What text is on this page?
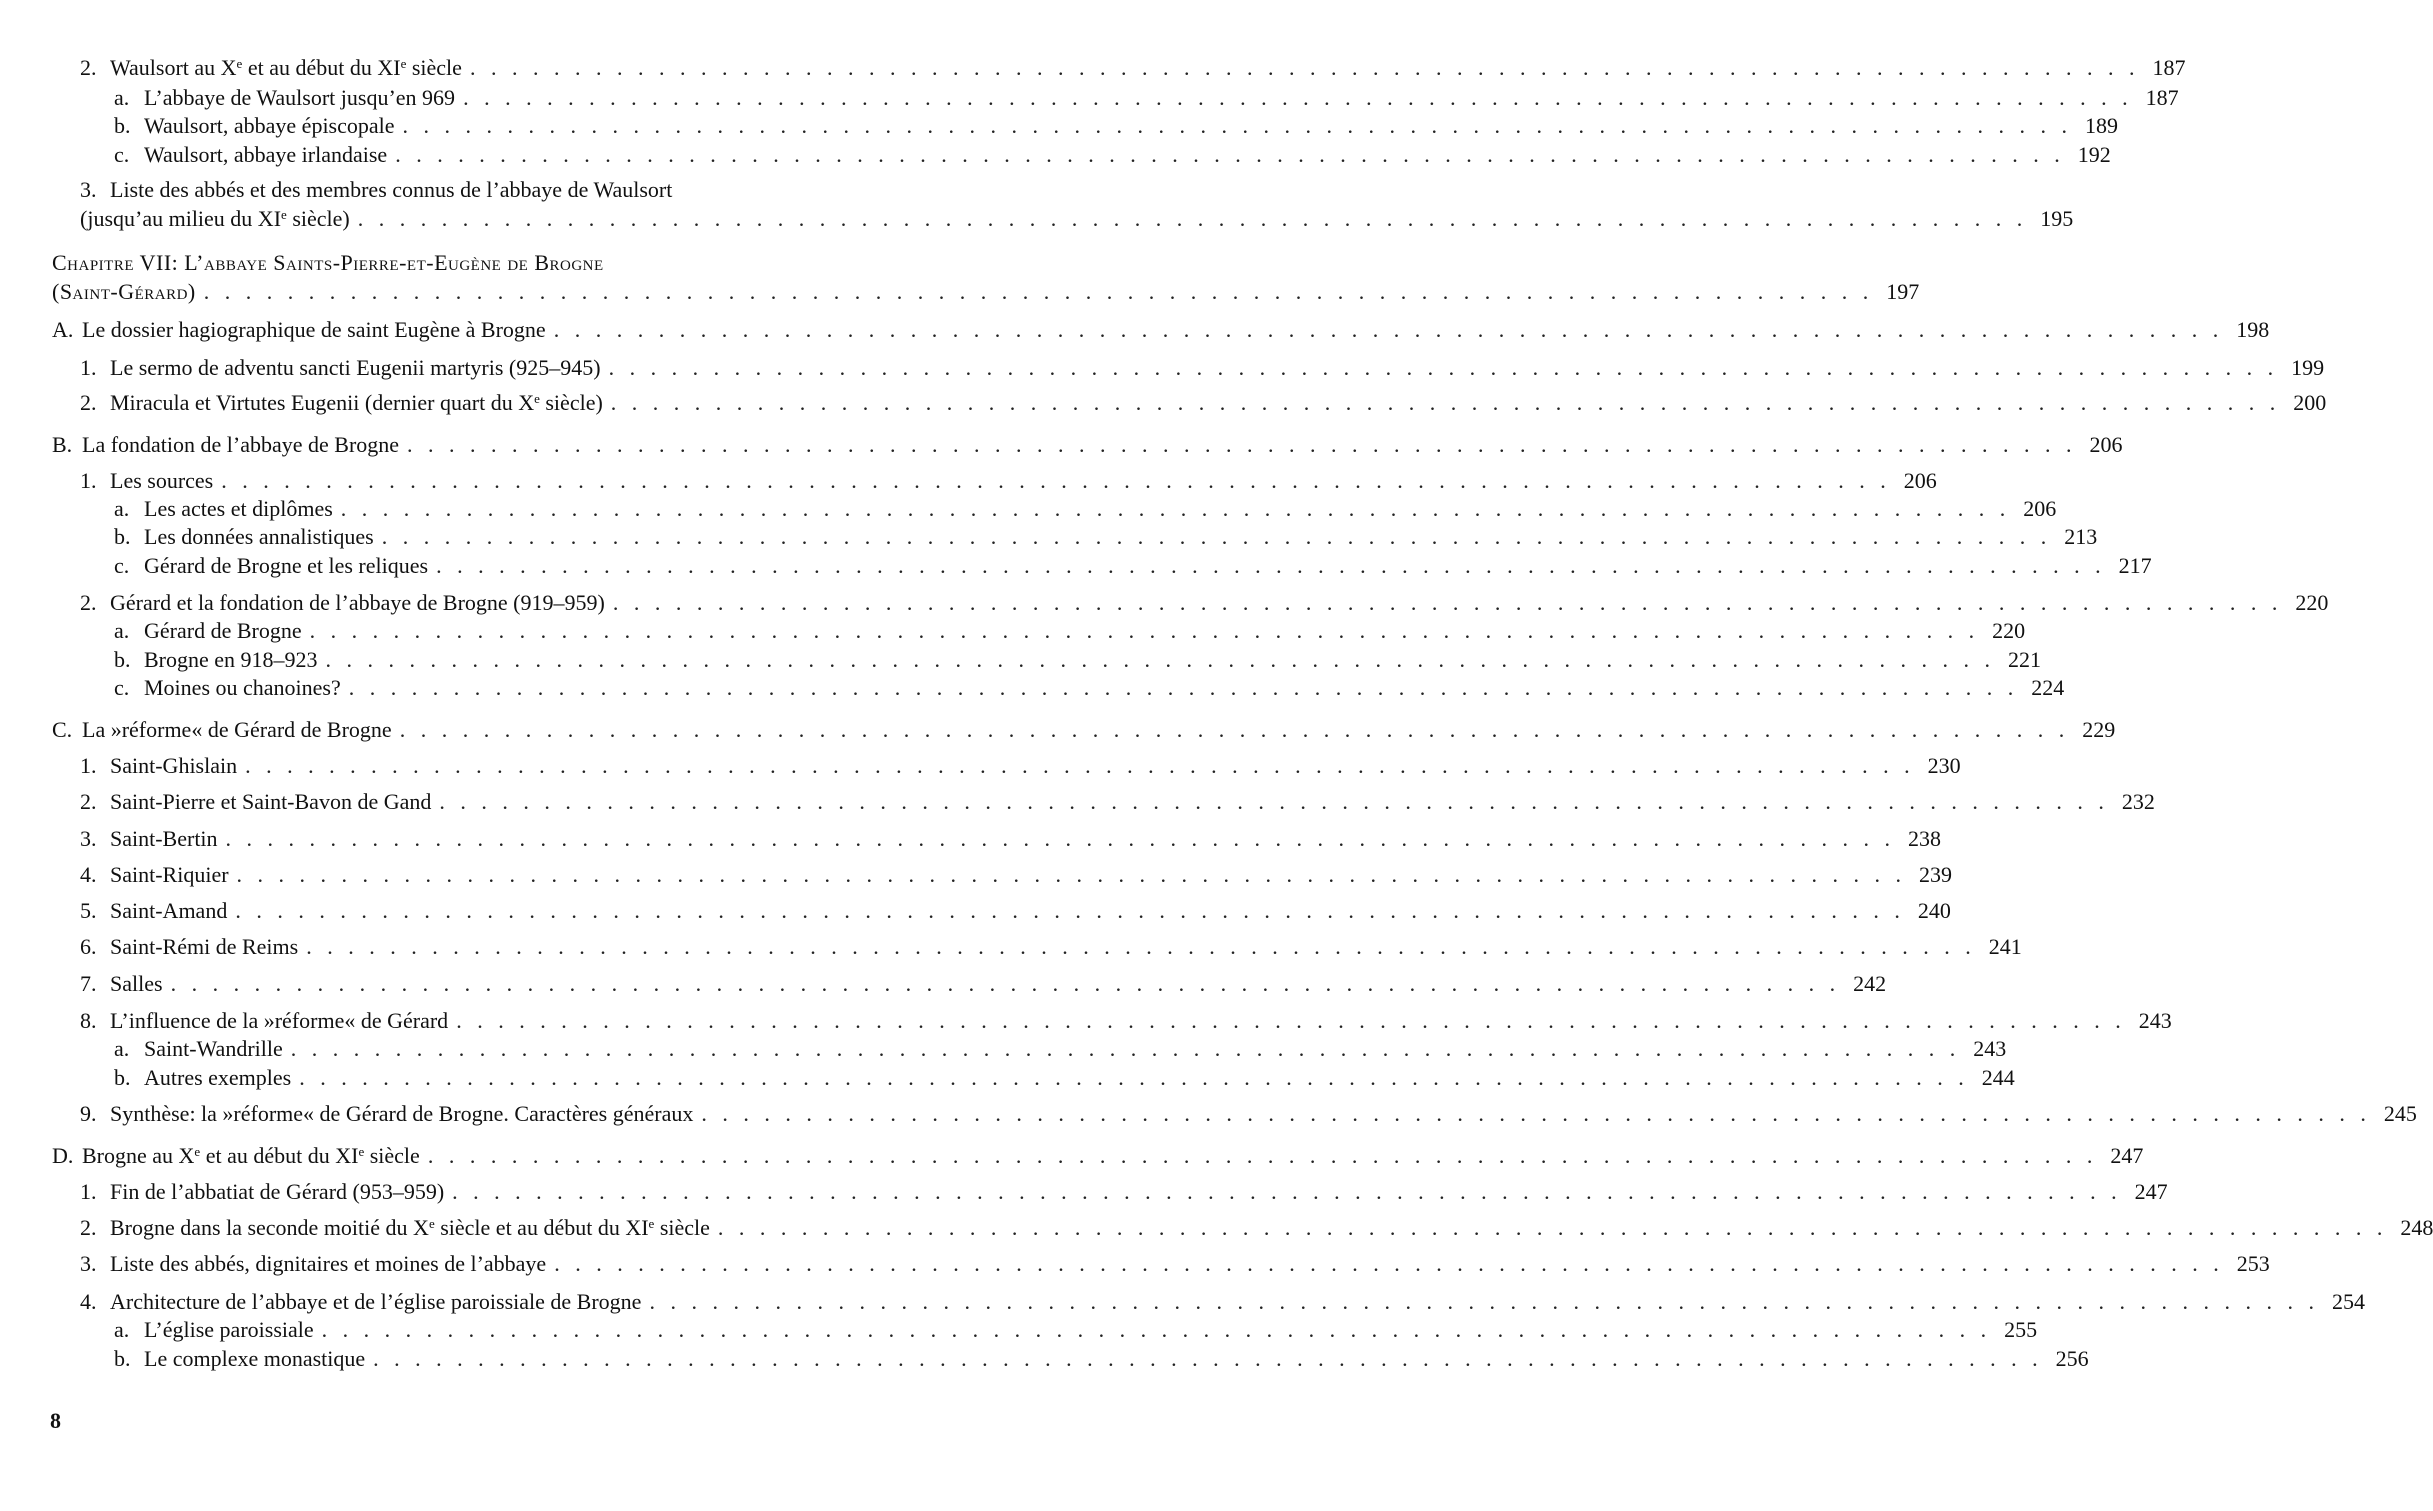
2. Waulsort au Xe et au début du XIe siècle . . . . . . . . . . . . . . . . . . . . . . . . . . . . . . . . . . . . . . . . . . . . . . . . . . . . . . . . . . . . . . . . . . . . . . . . . . . . . . . . 187
a. L’abbaye de Waulsort jusqu’en 969 . . . . . . . . . . . . . . . . . . . . . . . . . . . . . . . . . . . . . . . . . . . . . . . . . . . . . . . . . . . . . . . . . . . . . . . . . . . . . . . . 187
b. Waulsort, abbaye épiscopale . . . . . . . . . . . . . . . . . . . . . . . . . . . . . . . . . . . . . . . . . . . . . . . . . . . . . . . . . . . . . . . . . . . . . . . . . . . . . . . . 189
c. Waulsort, abbaye irlandaise . . . . . . . . . . . . . . . . . . . . . . . . . . . . . . . . . . . . . . . . . . . . . . . . . . . . . . . . . . . . . . . . . . . . . . . . . . . . . . . . 192
3. Liste des abbés et des membres connus de l’abbaye de Waulsort
(jusqu’au milieu du XIe siècle) . . . . . . . . . . . . . . . . . . . . . . . . . . . . . . . . . . . . . . . . . . . . . . . . . . . . . . . . . . . . . . . . . . . . . . . . . . . . . . . . 195
Chapitre VII: L’abbaye Saints-Pierre-et-Eugène de Brogne
(Saint-Gérard) . . . . . . . . . . . . . . . . . . . . . . . . . . . . . . . . . . . . . . . . . . . . . . . . . . . . . . . . . . . . . . . . . . . . . . . . . . . . . . . . 197
A. Le dossier hagiographique de saint Eugène à Brogne . . . . . . . . . . . . . . . . . . . . . . . . . . . . . . . . . . . . . . . . . . . . . . . . . . . . . . . . . . . . . . . . . . . . . . . . . . . . . . . . 198
1. Le sermo de adventu sancti Eugenii martyris (925–945) . . . . . . . . . . . . . . . . . . . . . . . . . . . . . . . . . . . . . . . . . . . . . . . . . . . . . . . . . . . . . . . . . . . . . . . . . . . . . . . . 199
2. Miracula et Virtutes Eugenii (dernier quart du Xe siècle) . . . . . . . . . . . . . . . . . . . . . . . . . . . . . . . . . . . . . . . . . . . . . . . . . . . . . . . . . . . . . . . . . . . . . . . . . . . . . . . . 200
B. La fondation de l’abbaye de Brogne . . . . . . . . . . . . . . . . . . . . . . . . . . . . . . . . . . . . . . . . . . . . . . . . . . . . . . . . . . . . . . . . . . . . . . . . . . . . . . . . 206
1. Les sources . . . . . . . . . . . . . . . . . . . . . . . . . . . . . . . . . . . . . . . . . . . . . . . . . . . . . . . . . . . . . . . . . . . . . . . . . . . . . . . . 206
a. Les actes et diplômes . . . . . . . . . . . . . . . . . . . . . . . . . . . . . . . . . . . . . . . . . . . . . . . . . . . . . . . . . . . . . . . . . . . . . . . . . . . . . . . . 206
b. Les données annalistiques . . . . . . . . . . . . . . . . . . . . . . . . . . . . . . . . . . . . . . . . . . . . . . . . . . . . . . . . . . . . . . . . . . . . . . . . . . . . . . . . 213
c. Gérard de Brogne et les reliques . . . . . . . . . . . . . . . . . . . . . . . . . . . . . . . . . . . . . . . . . . . . . . . . . . . . . . . . . . . . . . . . . . . . . . . . . . . . . . . . 217
2. Gérard et la fondation de l’abbaye de Brogne (919–959) . . . . . . . . . . . . . . . . . . . . . . . . . . . . . . . . . . . . . . . . . . . . . . . . . . . . . . . . . . . . . . . . . . . . . . . . . . . . . . . . 220
a. Gérard de Brogne . . . . . . . . . . . . . . . . . . . . . . . . . . . . . . . . . . . . . . . . . . . . . . . . . . . . . . . . . . . . . . . . . . . . . . . . . . . . . . . . 220
b. Brogne en 918–923 . . . . . . . . . . . . . . . . . . . . . . . . . . . . . . . . . . . . . . . . . . . . . . . . . . . . . . . . . . . . . . . . . . . . . . . . . . . . . . . . 221
c. Moines ou chanoines? . . . . . . . . . . . . . . . . . . . . . . . . . . . . . . . . . . . . . . . . . . . . . . . . . . . . . . . . . . . . . . . . . . . . . . . . . . . . . . . . 224
C. La »réforme« de Gérard de Brogne . . . . . . . . . . . . . . . . . . . . . . . . . . . . . . . . . . . . . . . . . . . . . . . . . . . . . . . . . . . . . . . . . . . . . . . . . . . . . . . . 229
1. Saint-Ghislain . . . . . . . . . . . . . . . . . . . . . . . . . . . . . . . . . . . . . . . . . . . . . . . . . . . . . . . . . . . . . . . . . . . . . . . . . . . . . . . . 230
2. Saint-Pierre et Saint-Bavon de Gand . . . . . . . . . . . . . . . . . . . . . . . . . . . . . . . . . . . . . . . . . . . . . . . . . . . . . . . . . . . . . . . . . . . . . . . . . . . . . . . . 232
3. Saint-Bertin . . . . . . . . . . . . . . . . . . . . . . . . . . . . . . . . . . . . . . . . . . . . . . . . . . . . . . . . . . . . . . . . . . . . . . . . . . . . . . . . 238
4. Saint-Riquier . . . . . . . . . . . . . . . . . . . . . . . . . . . . . . . . . . . . . . . . . . . . . . . . . . . . . . . . . . . . . . . . . . . . . . . . . . . . . . . . 239
5. Saint-Amand . . . . . . . . . . . . . . . . . . . . . . . . . . . . . . . . . . . . . . . . . . . . . . . . . . . . . . . . . . . . . . . . . . . . . . . . . . . . . . . . 240
6. Saint-Rémi de Reims . . . . . . . . . . . . . . . . . . . . . . . . . . . . . . . . . . . . . . . . . . . . . . . . . . . . . . . . . . . . . . . . . . . . . . . . . . . . . . . . 241
7. Salles . . . . . . . . . . . . . . . . . . . . . . . . . . . . . . . . . . . . . . . . . . . . . . . . . . . . . . . . . . . . . . . . . . . . . . . . . . . . . . . . 242
8. L’influence de la »réforme« de Gérard . . . . . . . . . . . . . . . . . . . . . . . . . . . . . . . . . . . . . . . . . . . . . . . . . . . . . . . . . . . . . . . . . . . . . . . . . . . . . . . . 243
a. Saint-Wandrille . . . . . . . . . . . . . . . . . . . . . . . . . . . . . . . . . . . . . . . . . . . . . . . . . . . . . . . . . . . . . . . . . . . . . . . . . . . . . . . . 243
b. Autres exemples . . . . . . . . . . . . . . . . . . . . . . . . . . . . . . . . . . . . . . . . . . . . . . . . . . . . . . . . . . . . . . . . . . . . . . . . . . . . . . . . 244
9. Synthèse: la »réforme« de Gérard de Brogne. Caractères généraux . . . . . . . . . . . . . . . . . . . . . . . . . . . . . . . . . . . . . . . . . . . . . . . . . . . . . . . . . . . . . . . . . . . . . . . . . . . . . . . . 245
D. Brogne au Xe et au début du XIe siècle . . . . . . . . . . . . . . . . . . . . . . . . . . . . . . . . . . . . . . . . . . . . . . . . . . . . . . . . . . . . . . . . . . . . . . . . . . . . . . . . 247
1. Fin de l’abbatiat de Gérard (953–959) . . . . . . . . . . . . . . . . . . . . . . . . . . . . . . . . . . . . . . . . . . . . . . . . . . . . . . . . . . . . . . . . . . . . . . . . . . . . . . . . 247
2. Brogne dans la seconde moitié du Xe siècle et au début du XIe siècle . . . . . . . . . . . . . . . . . . . . . . . . . . . . . . . . . . . . . . . . . . . . . . . . . . . . . . . . . . . . . . . . . . . . . . . . . . . . . . . . 248
3. Liste des abbés, dignitaires et moines de l’abbaye . . . . . . . . . . . . . . . . . . . . . . . . . . . . . . . . . . . . . . . . . . . . . . . . . . . . . . . . . . . . . . . . . . . . . . . . . . . . . . . . 253
4. Architecture de l’abbaye et de l’église paroissiale de Brogne . . . . . . . . . . . . . . . . . . . . . . . . . . . . . . . . . . . . . . . . . . . . . . . . . . . . . . . . . . . . . . . . . . . . . . . . . . . . . . . . 254
a. L’église paroissiale . . . . . . . . . . . . . . . . . . . . . . . . . . . . . . . . . . . . . . . . . . . . . . . . . . . . . . . . . . . . . . . . . . . . . . . . . . . . . . . . 255
b. Le complexe monastique . . . . . . . . . . . . . . . . . . . . . . . . . . . . . . . . . . . . . . . . . . . . . . . . . . . . . . . . . . . . . . . . . . . . . . . . . . . . . . . . 256
8
